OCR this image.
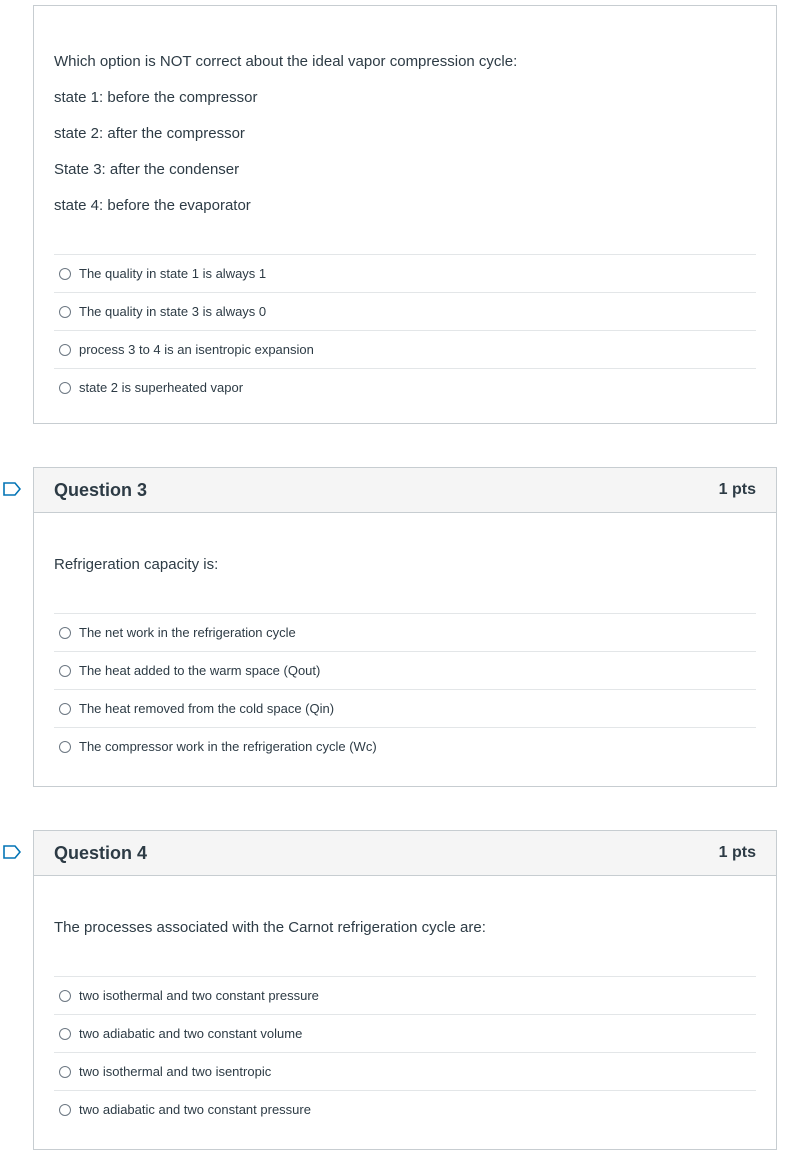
Which option is NOT correct about the ideal vapor compression cycle:

state 1: before the compressor

state 2: after the compressor

State 3: after the condenser

state 4: before the evaporator

The quality in state 1 is always 1
The quality in state 3 is always 0
process 3 to 4 is an isentropic expansion
state 2 is superheated vapor
Question 3	1 pts

Refrigeration capacity is:

The net work in the refrigeration cycle
The heat added to the warm space (Qout)
The heat removed from the cold space (Qin)
The compressor work in the refrigeration cycle (Wc)
Question 4	1 pts

The processes associated with the Carnot refrigeration cycle are:

two isothermal and two constant pressure
two adiabatic and two constant volume
two isothermal and two isentropic
two adiabatic and two constant pressure
